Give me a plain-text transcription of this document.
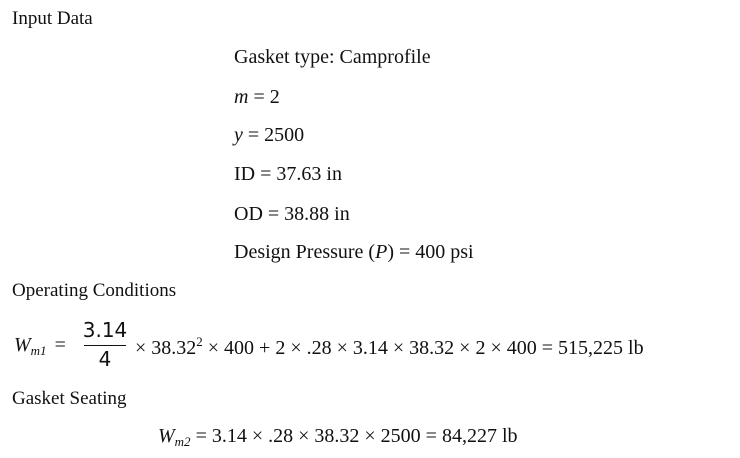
Input Data
Gasket type: Camprofile
m = 2
y = 2500
ID = 37.63 in
OD = 38.88 in
Design Pressure (P) = 400 psi
Operating Conditions
$W_{m1}$ =
3.14
4	× $38.32^2 \times 400 + 2 \times .28 \times 3.14 \times 38.32 \times 2 \times 400 = 515,225$ lb
Gasket Seating
$W_{m2} = 3.14 \times .28 \times 38.32 \times 2500 = 84,227$ lb
